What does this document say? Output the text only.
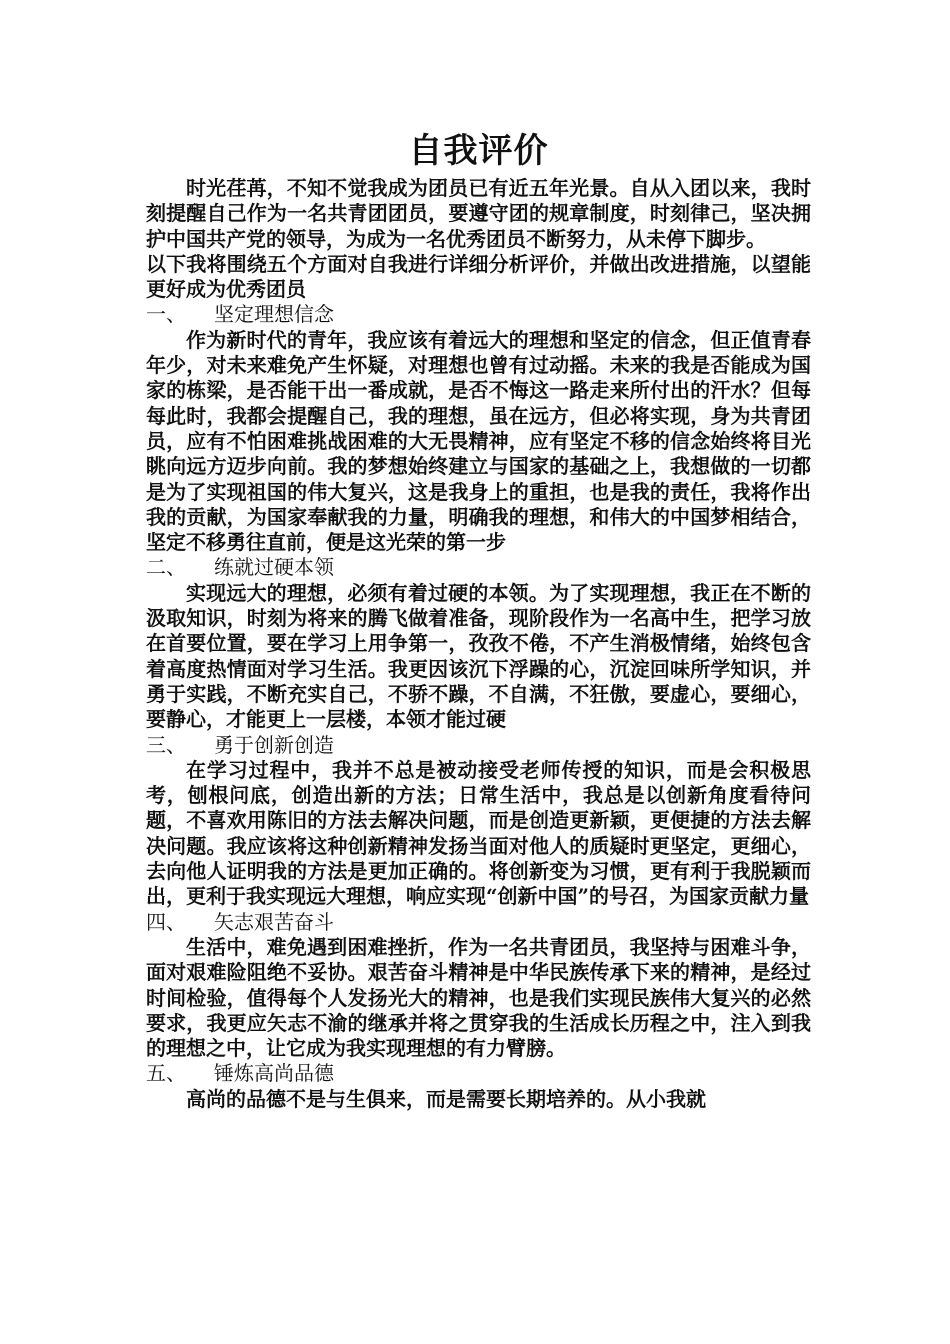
自我评价

时光荏苒，不知不觉我成为团员已有近五年光景。自从入团以来，我时刻提醒自己作为一名共青团团员，要遵守团的规章制度，时刻律己，坚决拥护中国共产党的领导，为成为一名优秀团员不断努力，从未停下脚步。

以下我将围绕五个方面对自我进行详细分析评价，并做出改进措施，以望能更好成为优秀团员

一、 坚定理想信念

作为新时代的青年，我应该有着远大的理想和坚定的信念，但正值青春年少，对未来难免产生怀疑，对理想也曾有过动摇。未来的我是否能成为国家的栋梁，是否能干出一番成就，是否不悔这一路走来所付出的汗水？但每每此时，我都会提醒自己，我的理想，虽在远方，但必将实现，身为共青团员，应有不怕困难挑战困难的大无畏精神，应有坚定不移的信念始终将目光眺向远方迈步向前。我的梦想始终建立与国家的基础之上，我想做的一切都是为了实现祖国的伟大复兴，这是我身上的重担，也是我的责任，我将作出我的贡献，为国家奉献我的力量，明确我的理想，和伟大的中国梦相结合，坚定不移勇往直前，便是这光荣的第一步

二、 练就过硬本领

实现远大的理想，必须有着过硬的本领。为了实现理想，我正在不断的汲取知识，时刻为将来的腾飞做着准备，现阶段作为一名高中生，把学习放在首要位置，要在学习上用争第一，孜孜不倦，不产生消极情绪，始终包含着高度热情面对学习生活。我更因该沉下浮躁的心，沉淀回味所学知识，并勇于实践，不断充实自己，不骄不躁，不自满，不狂傲，要虚心，要细心，要静心，才能更上一层楼，本领才能过硬

三、 勇于创新创造

在学习过程中，我并不总是被动接受老师传授的知识，而是会积极思考，刨根问底，创造出新的方法；日常生活中，我总是以创新角度看待问题，不喜欢用陈旧的方法去解决问题，而是创造更新颖，更便捷的方法去解决问题。我应该将这种创新精神发扬当面对他人的质疑时更坚定，更细心，去向他人证明我的方法是更加正确的。将创新变为习惯，更有利于我脱颖而出，更利于我实现远大理想，响应实现“创新中国”的号召，为国家贡献力量

四、 矢志艰苦奋斗

生活中，难免遇到困难挫折，作为一名共青团员，我坚持与困难斗争，面对艰难险阻绝不妥协。艰苦奋斗精神是中华民族传承下来的精神，是经过时间检验，值得每个人发扬光大的精神，也是我们实现民族伟大复兴的必然要求，我更应矢志不渝的继承并将之贯穿我的生活成长历程之中，注入到我的理想之中，让它成为我实现理想的有力臂膀。

五、 锤炼高尚品德

高尚的品德不是与生俱来，而是需要长期培养的。从小我就
